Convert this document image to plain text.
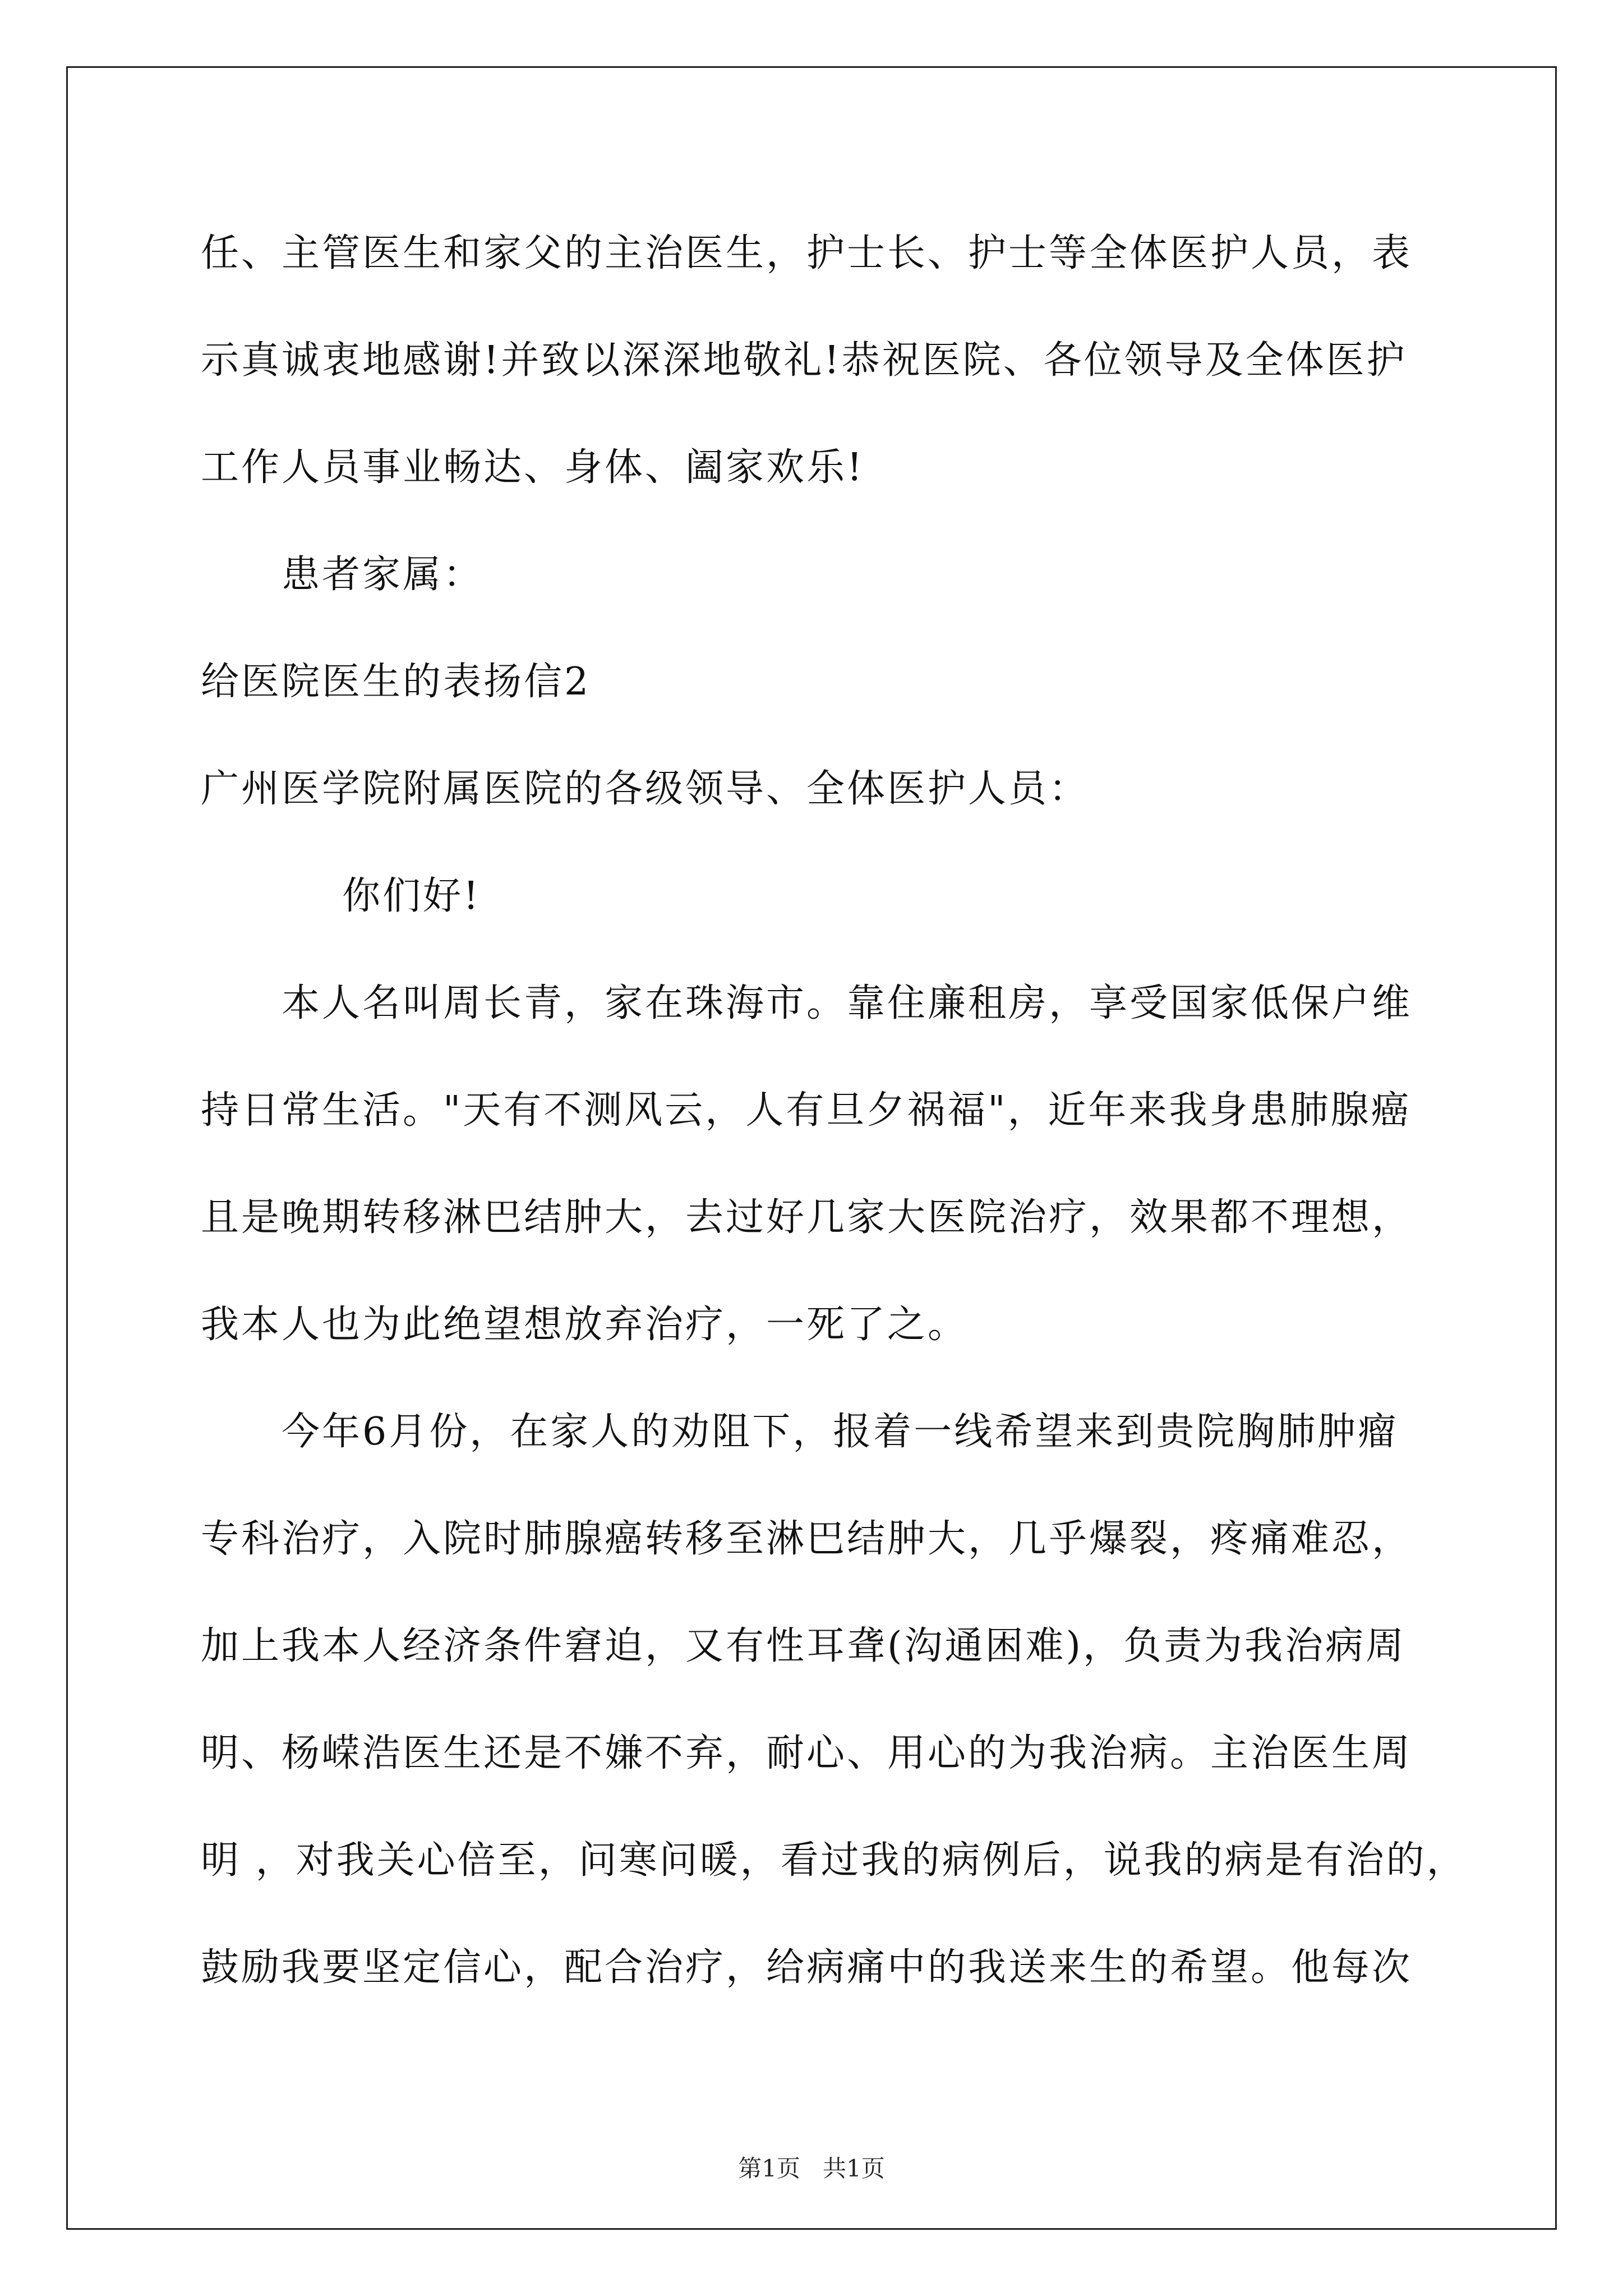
任、主管医生和家父的主治医生，护士长、护士等全体医护人员，表
示真诚衷地感谢!并致以深深地敬礼!恭祝医院、各位领导及全体医护
工作人员事业畅达、身体、阖家欢乐!
患者家属：
给医院医生的表扬信2
广州医学院附属医院的各级领导、全体医护人员：
你们好!
本人名叫周长青，家在珠海市。靠住廉租房，享受国家低保户维
持日常生活。"天有不测风云，人有旦夕祸福"，近年来我身患肺腺癌
且是晚期转移淋巴结肿大，去过好几家大医院治疗，效果都不理想，
我本人也为此绝望想放弃治疗，一死了之。
今年6月份，在家人的劝阻下，报着一线希望来到贵院胸肺肿瘤
专科治疗，入院时肺腺癌转移至淋巴结肿大，几乎爆裂，疼痛难忍，
加上我本人经济条件窘迫，又有性耳聋(沟通困难)，负责为我治病周
明、杨嵘浩医生还是不嫌不弃，耐心、用心的为我治病。主治医生周
明 ，对我关心倍至，问寒问暖，看过我的病例后，说我的病是有治的，
鼓励我要坚定信心，配合治疗，给病痛中的我送来生的希望。他每次
第1页   共1页
